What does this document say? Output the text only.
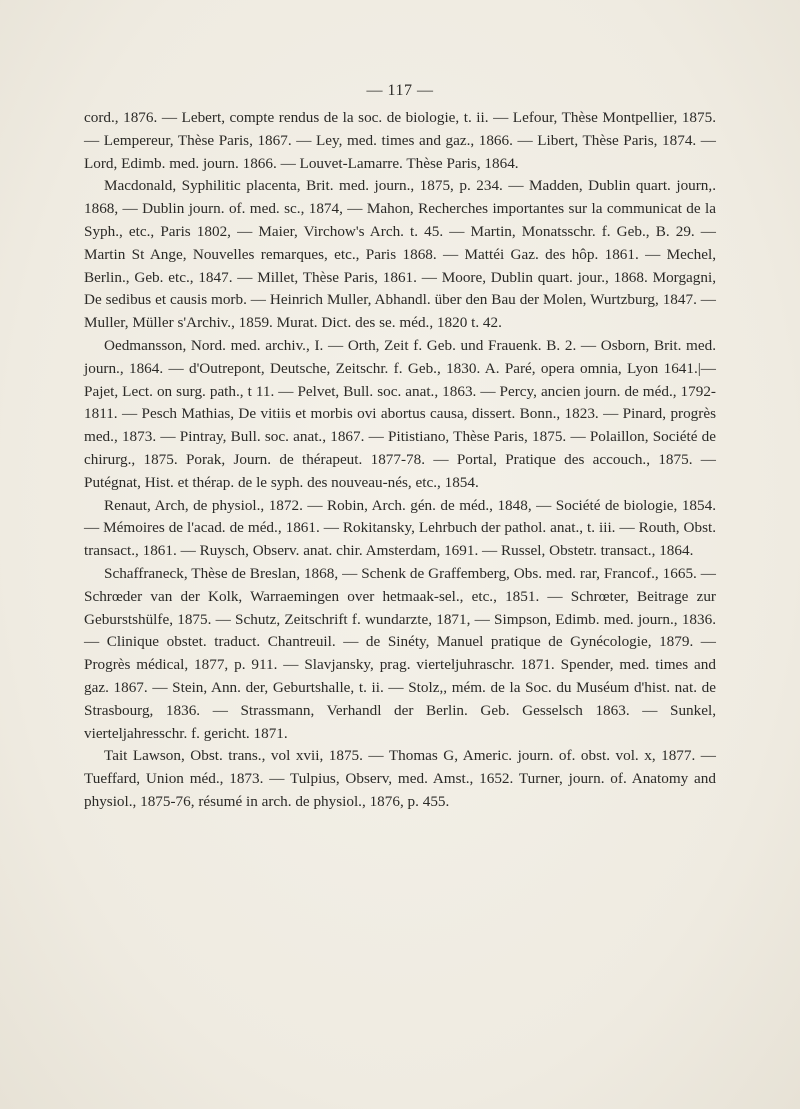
— 117 —

cord., 1876. — Lebert, compte rendus de la soc. de biologie, t. ii. — Lefour, Thèse Montpellier, 1875. — Lempereur, Thèse Paris, 1867. — Ley, med. times and gaz., 1866. — Libert, Thèse Paris, 1874. — Lord, Edimb. med. journ. 1866. — Louvet-Lamarre. Thèse Paris, 1864.

Macdonald, Syphilitic placenta, Brit. med. journ., 1875, p. 234. — Madden, Dublin quart. journ,. 1868, — Dublin journ. of. med. sc., 1874, — Mahon, Recherches importantes sur la communicat de la Syph., etc., Paris 1802, — Maier, Virchow's Arch. t. 45. — Martin, Monatsschr. f. Geb., B. 29. — Martin St Ange, Nouvelles remarques, etc., Paris 1868. — Mattéi Gaz. des hôp. 1861. — Mechel, Berlin., Geb. etc., 1847. — Millet, Thèse Paris, 1861. — Moore, Dublin quart. jour., 1868. Morgagni, De sedibus et causis morb. — Heinrich Muller, Abhandl. über den Bau der Molen, Wurtzburg, 1847. — Muller, Müller s'Archiv., 1859. Murat. Dict. des se. méd., 1820 t. 42.

Oedmansson, Nord. med. archiv., I. — Orth, Zeit f. Geb. und Frauenk. B. 2. — Osborn, Brit. med. journ., 1864. — d'Outrepont, Deutsche, Zeitschr. f. Geb., 1830. A. Paré, opera omnia, Lyon 1641.|— Pajet, Lect. on surg. path., t 11. — Pelvet, Bull. soc. anat., 1863. — Percy, ancien journ. de méd., 1792-1811. — Pesch Mathias, De vitiis et morbis ovi abortus causa, dissert. Bonn., 1823. — Pinard, progrès med., 1873. — Pintray, Bull. soc. anat., 1867. — Pitistiano, Thèse Paris, 1875. — Polaillon, Société de chirurg., 1875. Porak, Journ. de thérapeut. 1877-78. — Portal, Pratique des accouch., 1875. — Putégnat, Hist. et thérap. de le syph. des nouveau-nés, etc., 1854.

Renaut, Arch, de physiol., 1872. — Robin, Arch. gén. de méd., 1848, — Société de biologie, 1854. — Mémoires de l'acad. de méd., 1861. — Rokitansky, Lehrbuch der pathol. anat., t. iii. — Routh, Obst. transact., 1861. — Ruysch, Observ. anat. chir. Amsterdam, 1691. — Russel, Obstetr. transact., 1864.

Schaffraneck, Thèse de Breslan, 1868, — Schenk de Graffemberg, Obs. med. rar, Francof., 1665. — Schrœder van der Kolk, Warraemingen over hetmaak-sel., etc., 1851. — Schrœter, Beitrage zur Geburstshülfe, 1875. — Schutz, Zeitschrift f. wundarzte, 1871, — Simpson, Edimb. med. journ., 1836. — Clinique obstet. traduct. Chantreuil. — de Sinéty, Manuel pratique de Gynécologie, 1879. — Progrès médical, 1877, p. 911. — Slavjansky, prag. vierteljuhraschr. 1871. Spender, med. times and gaz. 1867. — Stein, Ann. der, Geburtshalle, t. ii. — Stolz,, mém. de la Soc. du Muséum d'hist. nat. de Strasbourg, 1836. — Strassmann, Verhandl der Berlin. Geb. Gesselsch 1863. — Sunkel, vierteljahresschr. f. gericht. 1871.

Tait Lawson, Obst. trans., vol xvii, 1875. — Thomas G, Americ. journ. of. obst. vol. x, 1877. — Tueffard, Union méd., 1873. — Tulpius, Observ, med. Amst., 1652. Turner, journ. of. Anatomy and physiol., 1875-76, résumé in arch. de physiol., 1876, p. 455.
